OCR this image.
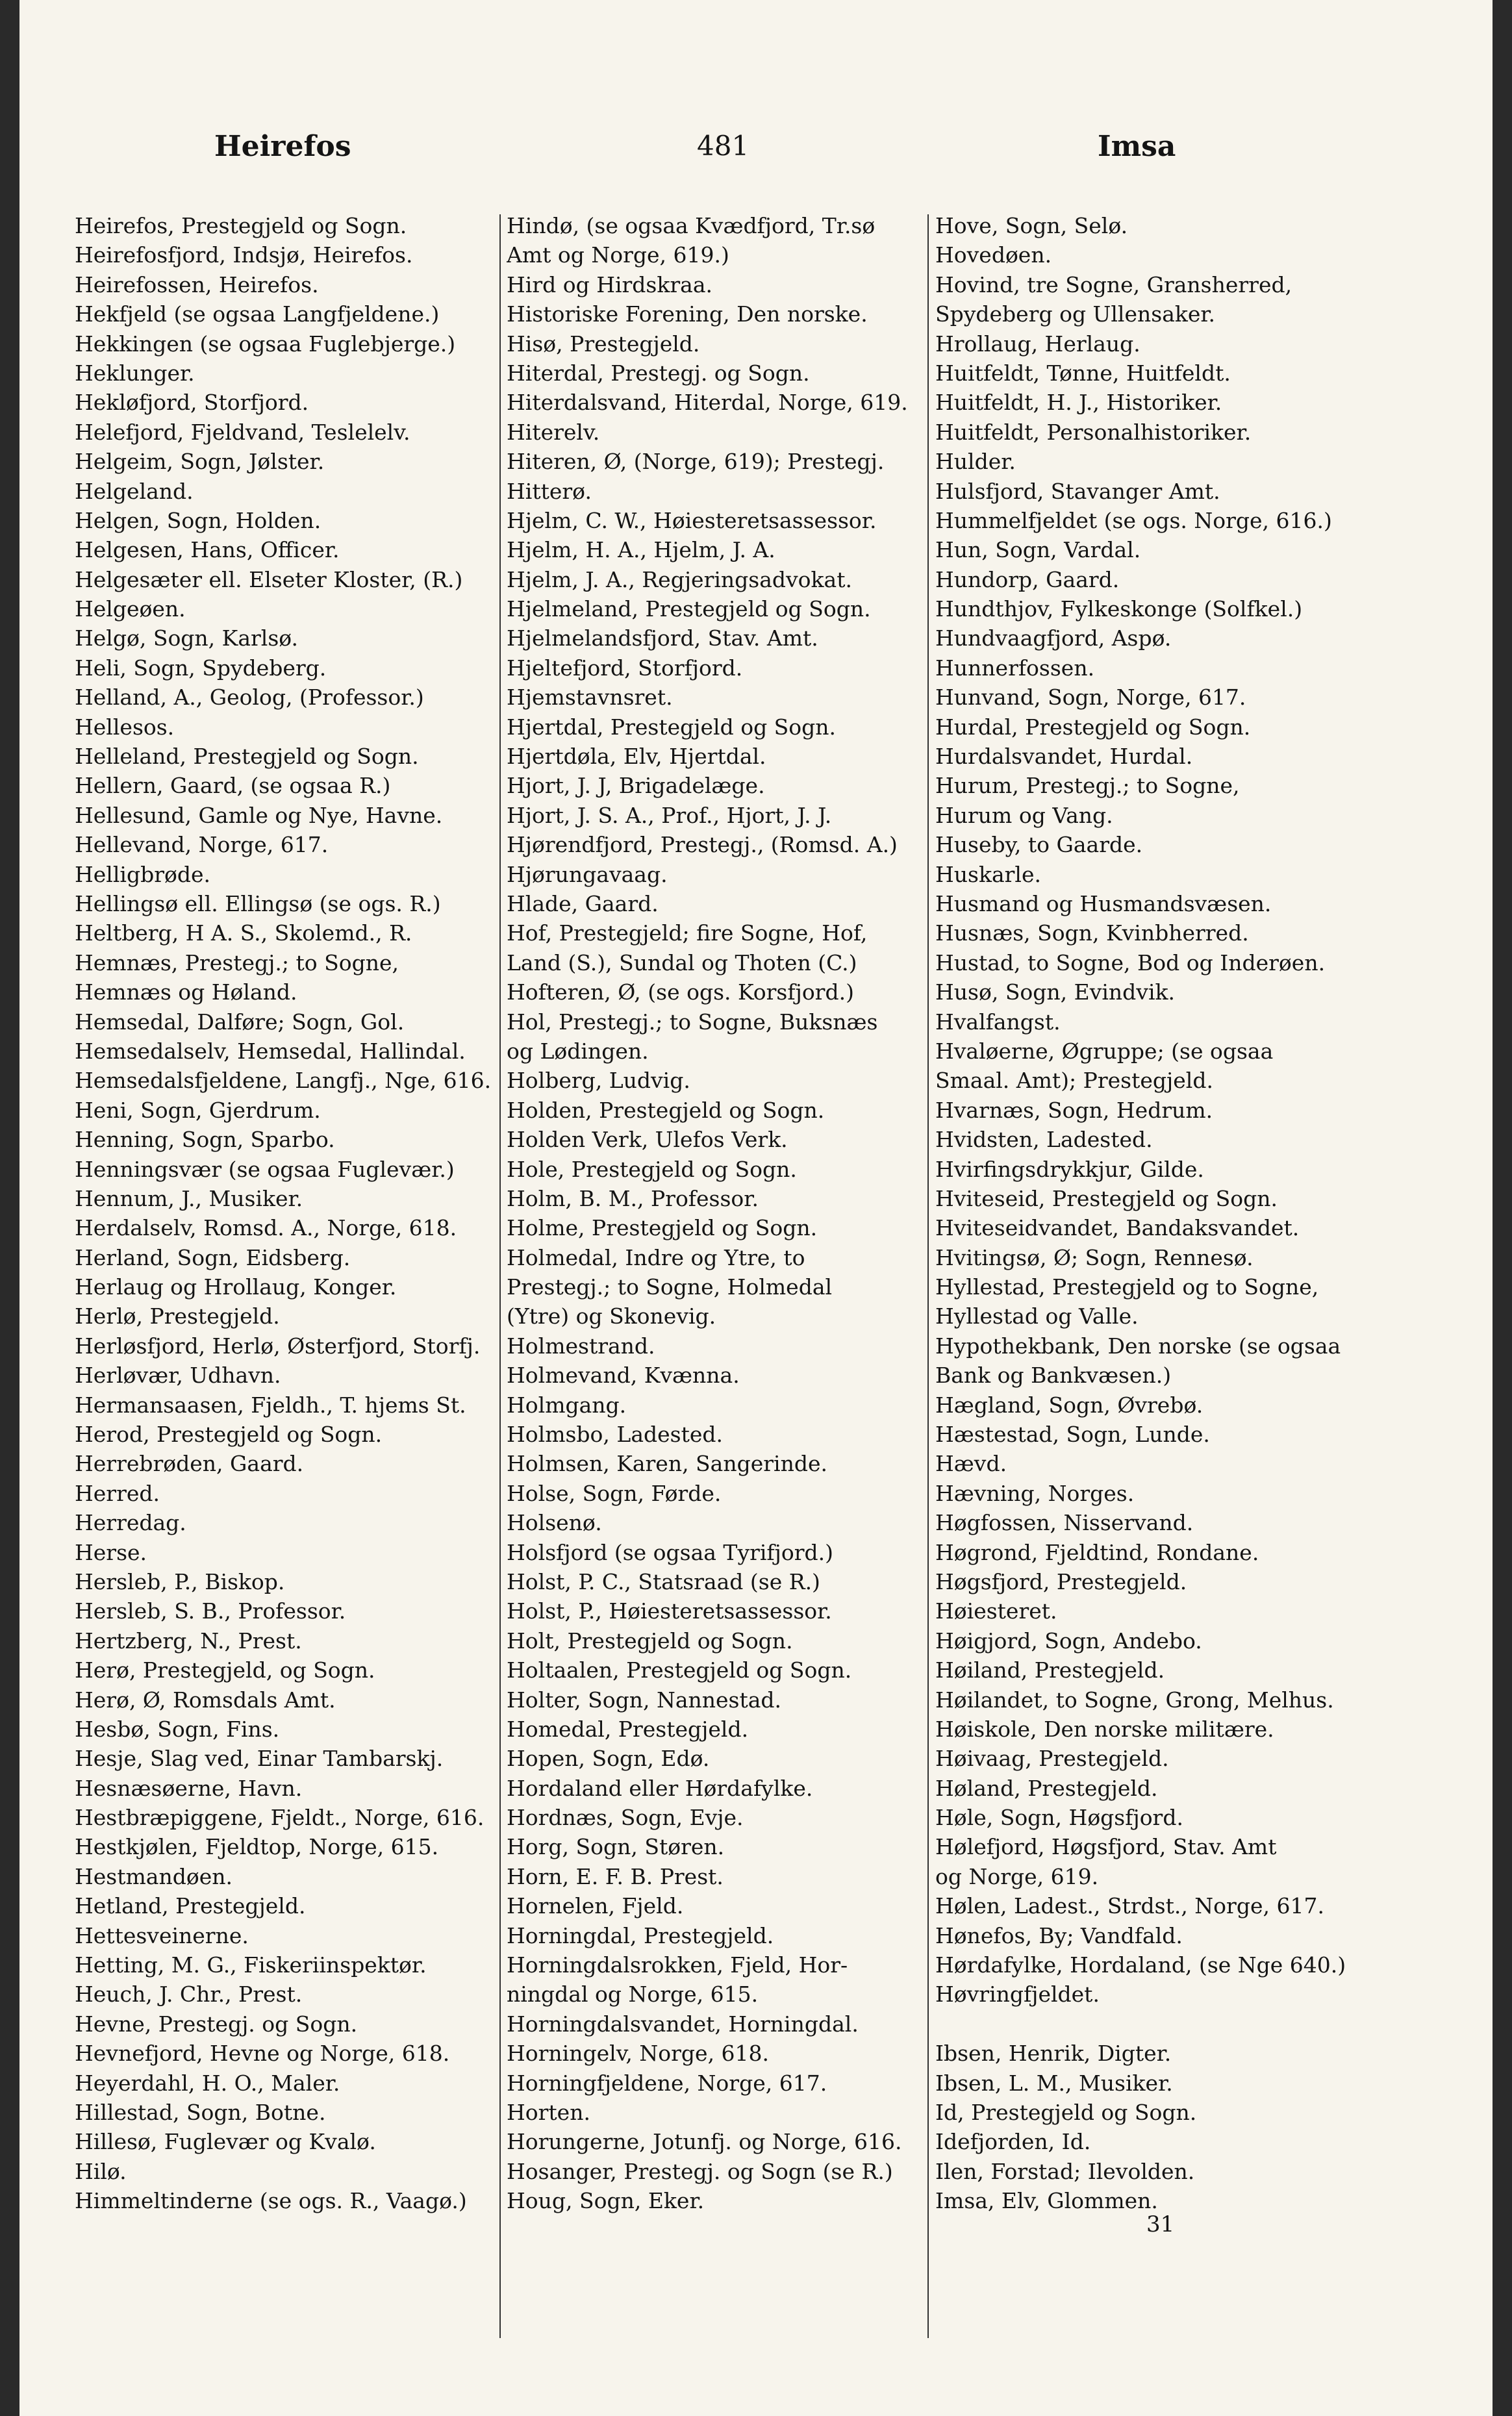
Heirefos	481	Imsa
Heirefos, Prestegjeld og Sogn.
Heirefosfjord, Indsjø, Heirefos.
Heirefossen, Heirefos.
Hekfjeld (se ogsaa Langfjeldene.)
Hekkingen (se ogsaa Fuglebjerge.)
Heklunger.
Hekløfjord, Storfjord.
Helefjord, Fjeldvand, Teslelelv.
Helgeim, Sogn, Jølster.
Helgeland.
Helgen, Sogn, Holden.
Helgesen, Hans, Officer.
Helgesæter ell. Elseter Kloster, (R.)
Helgeøen.
Helgø, Sogn, Karlsø.
Heli, Sogn, Spydeberg.
Helland, A., Geolog, (Professor.)
Hellesos.
Helleland, Prestegjeld og Sogn.
Hellern, Gaard, (se ogsaa R.)
Hellesund, Gamle og Nye, Havne.
Hellevand, Norge, 617.
Helligbrøde.
Hellingsø ell. Ellingsø (se ogs. R.)
Heltberg, H A. S., Skolemd., R.
Hemnæs, Prestegj.; to Sogne,
Hemnæs og Høland.
Hemsedal, Dalføre; Sogn, Gol.
Hemsedalselv, Hemsedal, Hallindal.
Hemsedalsfjeldene, Langfj., Nge, 616.
Heni, Sogn, Gjerdrum.
Henning, Sogn, Sparbo.
Henningsvær (se ogsaa Fuglevær.)
Hennum, J., Musiker.
Herdalselv, Romsd. A., Norge, 618.
Herland, Sogn, Eidsberg.
Herlaug og Hrollaug, Konger.
Herlø, Prestegjeld.
Herløsfjord, Herlø, Østerfjord, Storfj.
Herløvær, Udhavn.
Hermansaasen, Fjeldh., T. hjems St.
Herod, Prestegjeld og Sogn.
Herrebrøden, Gaard.
Herred.
Herredag.
Herse.
Hersleb, P., Biskop.
Hersleb, S. B., Professor.
Hertzberg, N., Prest.
Herø, Prestegjeld, og Sogn.
Herø, Ø, Romsdals Amt.
Hesbø, Sogn, Fins.
Hesje, Slag ved, Einar Tambarskj.
Hesnæsøerne, Havn.
Hestbræpiggene, Fjeldt., Norge, 616.
Hestkjølen, Fjeldtop, Norge, 615.
Hestmandøen.
Hetland, Prestegjeld.
Hettesveinerne.
Hetting, M. G., Fiskeriinspektør.
Heuch, J. Chr., Prest.
Hevne, Prestegj. og Sogn.
Hevnefjord, Hevne og Norge, 618.
Heyerdahl, H. O., Maler.
Hillestad, Sogn, Botne.
Hillesø, Fuglevær og Kvalø.
Hilø.
Himmeltinderne (se ogs. R., Vaagø.)
Hindø, (se ogsaa Kvædfjord, Tr.sø
Amt og Norge, 619.)
Hird og Hirdskraa.
Historiske Forening, Den norske.
Hisø, Prestegjeld.
Hiterdal, Prestegj. og Sogn.
Hiterdalsvand, Hiterdal, Norge, 619.
Hiterelv.
Hiteren, Ø, (Norge, 619); Prestegj.
Hitterø.
Hjelm, C. W., Høiesteretsassessor.
Hjelm, H. A., Hjelm, J. A.
Hjelm, J. A., Regjeringsadvokat.
Hjelmeland, Prestegjeld og Sogn.
Hjelmelandsfjord, Stav. Amt.
Hjeltefjord, Storfjord.
Hjemstavnsret.
Hjertdal, Prestegjeld og Sogn.
Hjertdøla, Elv, Hjertdal.
Hjort, J. J, Brigadelæge.
Hjort, J. S. A., Prof., Hjort, J. J.
Hjørendfjord, Prestegj., (Romsd. A.)
Hjørungavaag.
Hlade, Gaard.
Hof, Prestegjeld; fire Sogne, Hof,
Land (S.), Sundal og Thoten (C.)
Hofteren, Ø, (se ogs. Korsfjord.)
Hol, Prestegj.; to Sogne, Buksnæs
og Lødingen.
Holberg, Ludvig.
Holden, Prestegjeld og Sogn.
Holden Verk, Ulefos Verk.
Hole, Prestegjeld og Sogn.
Holm, B. M., Professor.
Holme, Prestegjeld og Sogn.
Holmedal, Indre og Ytre, to
Prestegj.; to Sogne, Holmedal
(Ytre) og Skonevig.
Holmestrand.
Holmevand, Kvænna.
Holmgang.
Holmsbo, Ladested.
Holmsen, Karen, Sangerinde.
Holse, Sogn, Førde.
Holsenø.
Holsfjord (se ogsaa Tyrifjord.)
Holst, P. C., Statsraad (se R.)
Holst, P., Høiesteretsassessor.
Holt, Prestegjeld og Sogn.
Holtaalen, Prestegjeld og Sogn.
Holter, Sogn, Nannestad.
Homedal, Prestegjeld.
Hopen, Sogn, Edø.
Hordaland eller Hørdafylke.
Hordnæs, Sogn, Evje.
Horg, Sogn, Støren.
Horn, E. F. B. Prest.
Hornelen, Fjeld.
Horningdal, Prestegjeld.
Horningdalsrokken, Fjeld, Hor-
ningdal og Norge, 615.
Horningdalsvandet, Horningdal.
Horningelv, Norge, 618.
Horningfjeldene, Norge, 617.
Horten.
Horungerne, Jotunfj. og Norge, 616.
Hosanger, Prestegj. og Sogn (se R.)
Houg, Sogn, Eker.
Hove, Sogn, Selø.
Hovedøen.
Hovind, tre Sogne, Gransherred,
Spydeberg og Ullensaker.
Hrollaug, Herlaug.
Huitfeldt, Tønne, Huitfeldt.
Huitfeldt, H. J., Historiker.
Huitfeldt, Personalhistoriker.
Hulder.
Hulsfjord, Stavanger Amt.
Hummelfjeldet (se ogs. Norge, 616.)
Hun, Sogn, Vardal.
Hundorp, Gaard.
Hundthjov, Fylkeskonge (Solfkel.)
Hundvaagfjord, Aspø.
Hunnerfossen.
Hunvand, Sogn, Norge, 617.
Hurdal, Prestegjeld og Sogn.
Hurdalsvandet, Hurdal.
Hurum, Prestegj.; to Sogne,
Hurum og Vang.
Huseby, to Gaarde.
Huskarle.
Husmand og Husmandsvæsen.
Husnæs, Sogn, Kvinbherred.
Hustad, to Sogne, Bod og Inderøen.
Husø, Sogn, Evindvik.
Hvalfangst.
Hvaløerne, Øgruppe; (se ogsaa
Smaal. Amt); Prestegjeld.
Hvarnæs, Sogn, Hedrum.
Hvidsten, Ladested.
Hvirfingsdrykkjur, Gilde.
Hviteseid, Prestegjeld og Sogn.
Hviteseidvandet, Bandaksvandet.
Hvitingsø, Ø; Sogn, Rennesø.
Hyllestad, Prestegjeld og to Sogne,
Hyllestad og Valle.
Hypothekbank, Den norske (se ogsaa
Bank og Bankvæsen.)
Hægland, Sogn, Øvrebø.
Hæstestad, Sogn, Lunde.
Hævd.
Hævning, Norges.
Høgfossen, Nisservand.
Høgrond, Fjeldtind, Rondane.
Høgsfjord, Prestegjeld.
Høiesteret.
Høigjord, Sogn, Andebo.
Høiland, Prestegjeld.
Høilandet, to Sogne, Grong, Melhus.
Høiskole, Den norske militære.
Høivaag, Prestegjeld.
Høland, Prestegjeld.
Høle, Sogn, Høgsfjord.
Hølefjord, Høgsfjord, Stav. Amt
og Norge, 619.
Hølen, Ladest., Strdst., Norge, 617.
Hønefos, By; Vandfald.
Hørdafylke, Hordaland, (se Nge 640.)
Høvringfjeldet.
Ibsen, Henrik, Digter.
Ibsen, L. M., Musiker.
Id, Prestegjeld og Sogn.
Idefjorden, Id.
Ilen, Forstad; Ilevolden.
Imsa, Elv, Glommen.
31
